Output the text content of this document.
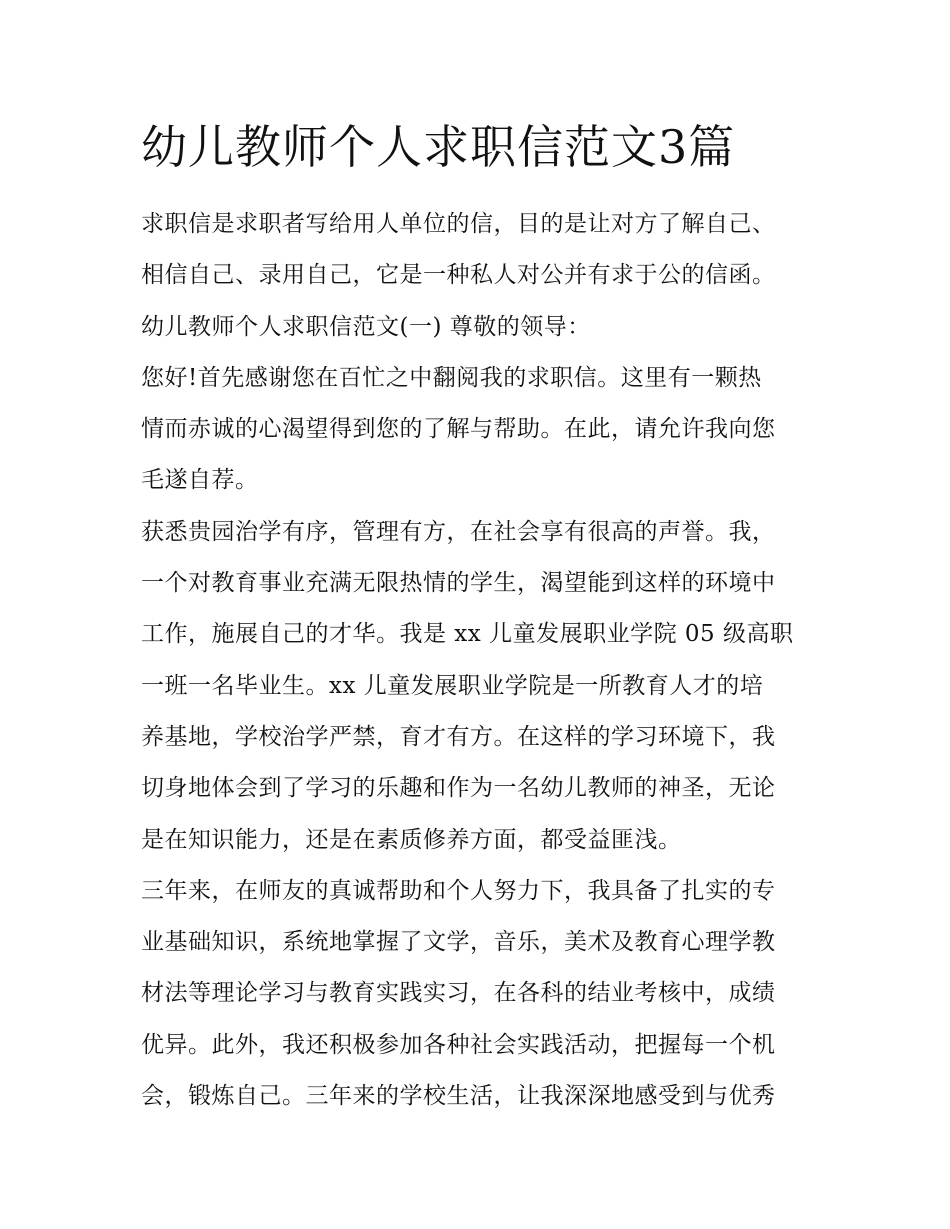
幼儿教师个人求职信范文3篇
求职信是求职者写给用人单位的信，目的是让对方了解自己、
相信自己、录用自己，它是一种私人对公并有求于公的信函。
幼儿教师个人求职信范文(一) 尊敬的领导：
您好!首先感谢您在百忙之中翻阅我的求职信。这里有一颗热
情而赤诚的心渴望得到您的了解与帮助。在此，请允许我向您
毛遂自荐。
获悉贵园治学有序，管理有方，在社会享有很高的声誉。我，
一个对教育事业充满无限热情的学生，渴望能到这样的环境中
工作，施展自己的才华。我是 xx 儿童发展职业学院 05 级高职
一班一名毕业生。xx 儿童发展职业学院是一所教育人才的培
养基地，学校治学严禁，育才有方。在这样的学习环境下，我
切身地体会到了学习的乐趣和作为一名幼儿教师的神圣，无论
是在知识能力，还是在素质修养方面，都受益匪浅。
三年来，在师友的真诚帮助和个人努力下，我具备了扎实的专
业基础知识，系统地掌握了文学，音乐，美术及教育心理学教
材法等理论学习与教育实践实习，在各科的结业考核中，成绩
优异。此外，我还积极参加各种社会实践活动，把握每一个机
会，锻炼自己。三年来的学校生活，让我深深地感受到与优秀
